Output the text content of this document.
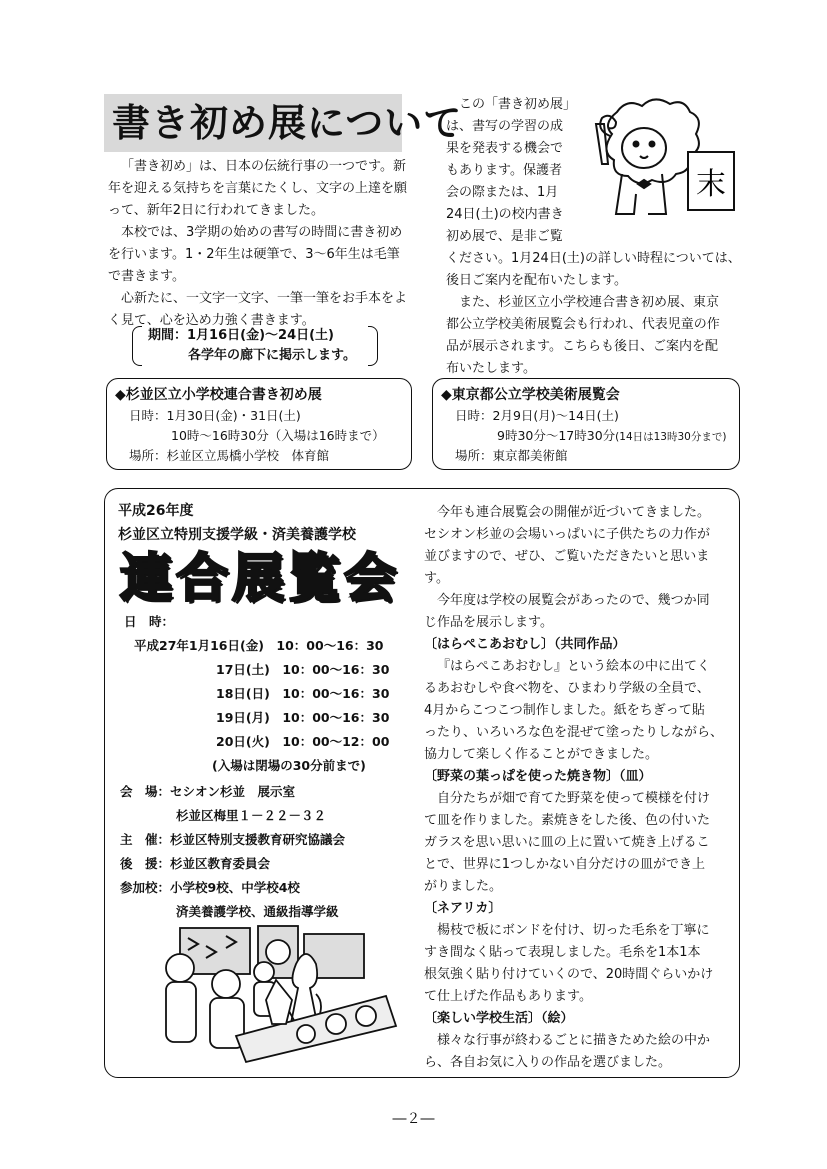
書き初め展について

「書き初め」は、日本の伝統行事の一つです。新年を迎える気持ちを言葉にたくし、文字の上達を願って、新年2日に行われてきました。

本校では、3学期の始めの書写の時間に書き初めを行います。1・2年生は硬筆で、3～6年生は毛筆で書きます。

心新たに、一文字一文字、一筆一筆をお手本をよく見て、心を込め力強く書きます。

期間：1月16日(金)～24日(土)
各学年の廊下に掲示します。
この「書き初め展」
は、書写の学習の成
果を発表する機会で
もあります。保護者
会の際または、1月
24日(土)の校内書き
初め展で、是非ご覧
ください。1月24日(土)の詳しい時程については、
後日ご案内を配布いたします。
また、杉並区立小学校連合書き初め展、東京
都公立学校美術展覧会も行われ、代表児童の作
品が展示されます。こちらも後日、ご案内を配
布いたします。
末
◆杉並区立小学校連合書き初め展
日時：1月30日(金)・31日(土)
10時～16時30分（入場は16時まで）
場所：杉並区立馬橋小学校　体育館
◆東京都公立学校美術展覧会
日時：2月9日(月)～14日(土)
9時30分～17時30分(14日は13時30分まで)
場所：東京都美術館
平成26年度
杉並区立特別支援学級・済美養護学校
連合展覧会
日　時：
平成27年1月16日(金)　10：00～16：30
17日(土)　10：00～16：30
18日(日)　10：00～16：30
19日(月)　10：00～16：30
20日(火)　10：00～12：00
(入場は閉場の30分前まで)
会　場：セシオン杉並　展示室
杉並区梅里１－２２－３２
主　催：杉並区特別支援教育研究協議会
後　援：杉並区教育委員会
参加校：小学校9校、中学校4校
済美養護学校、通級指導学級
今年も連合展覧会の開催が近づいてきました。
セシオン杉並の会場いっぱいに子供たちの力作が
並びますので、ぜひ、ご覧いただきたいと思いま
す。
今年度は学校の展覧会があったので、幾つか同
じ作品を展示します。
〔はらぺこあおむし〕（共同作品）
『はらぺこあおむし』という絵本の中に出てく
るあおむしや食べ物を、ひまわり学級の全員で、
4月からこつこつ制作しました。紙をちぎって貼
ったり、いろいろな色を混ぜて塗ったりしながら、
協力して楽しく作ることができました。
〔野菜の葉っぱを使った焼き物〕（皿）
自分たちが畑で育てた野菜を使って模様を付け
て皿を作りました。素焼きをした後、色の付いた
ガラスを思い思いに皿の上に置いて焼き上げるこ
とで、世界に1つしかない自分だけの皿ができ上
がりました。
〔ネアリカ〕
楊枝で板にボンドを付け、切った毛糸を丁寧に
すき間なく貼って表現しました。毛糸を1本1本
根気強く貼り付けていくので、20時間ぐらいかけ
て仕上げた作品もあります。
〔楽しい学校生活〕（絵）
様々な行事が終わるごとに描きためた絵の中か
ら、各自お気に入りの作品を選びました。
―２―
